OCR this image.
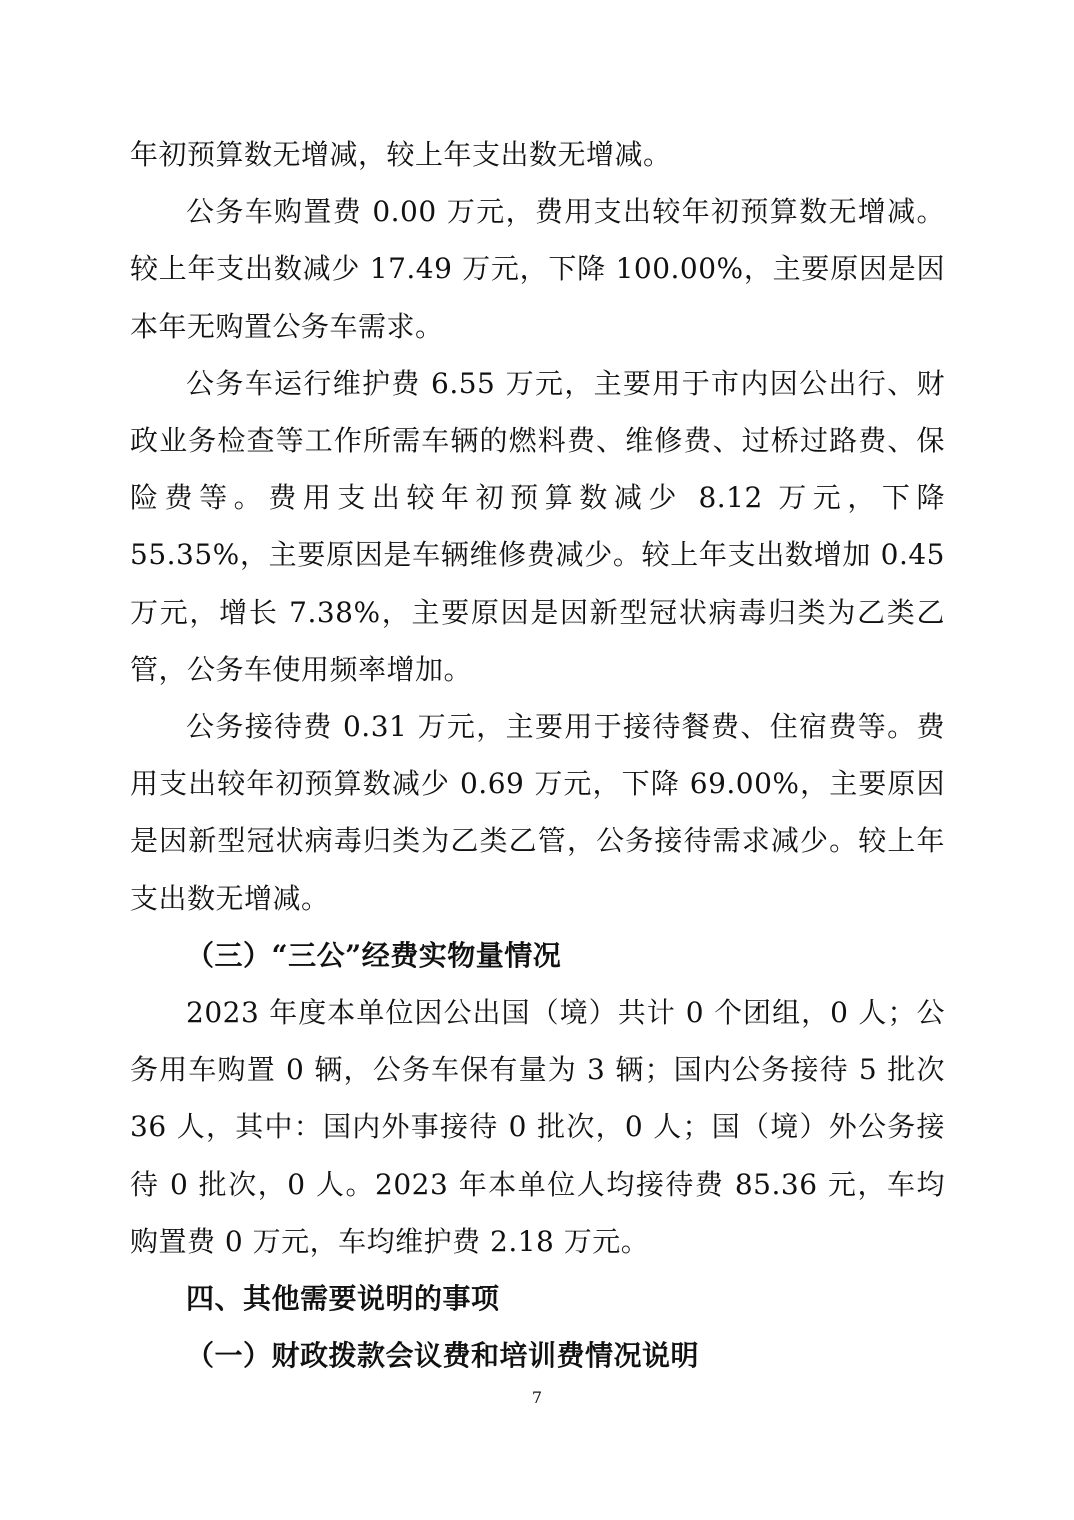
年初预算数无增减，较上年支出数无增减。

公务车购置费 0.00 万元，费用支出较年初预算数无增减。较上年支出数减少 17.49 万元，下降 100.00%，主要原因是因本年无购置公务车需求。

公务车运行维护费 6.55 万元，主要用于市内因公出行、财政业务检查等工作所需车辆的燃料费、维修费、过桥过路费、保险费等。费用支出较年初预算数减少 8.12 万元，下降 55.35%，主要原因是车辆维修费减少。较上年支出数增加 0.45 万元，增长 7.38%，主要原因是因新型冠状病毒归类为乙类乙管，公务车使用频率增加。

公务接待费 0.31 万元，主要用于接待餐费、住宿费等。费用支出较年初预算数减少 0.69 万元，下降 69.00%，主要原因是因新型冠状病毒归类为乙类乙管，公务接待需求减少。较上年支出数无增减。

（三）“三公”经费实物量情况

2023 年度本单位因公出国（境）共计 0 个团组，0 人；公务用车购置 0 辆，公务车保有量为 3 辆；国内公务接待 5 批次 36 人，其中：国内外事接待 0 批次，0 人；国（境）外公务接待 0 批次，0 人。2023 年本单位人均接待费 85.36 元，车均购置费 0 万元，车均维护费 2.18 万元。

四、其他需要说明的事项

（一）财政拨款会议费和培训费情况说明

7
